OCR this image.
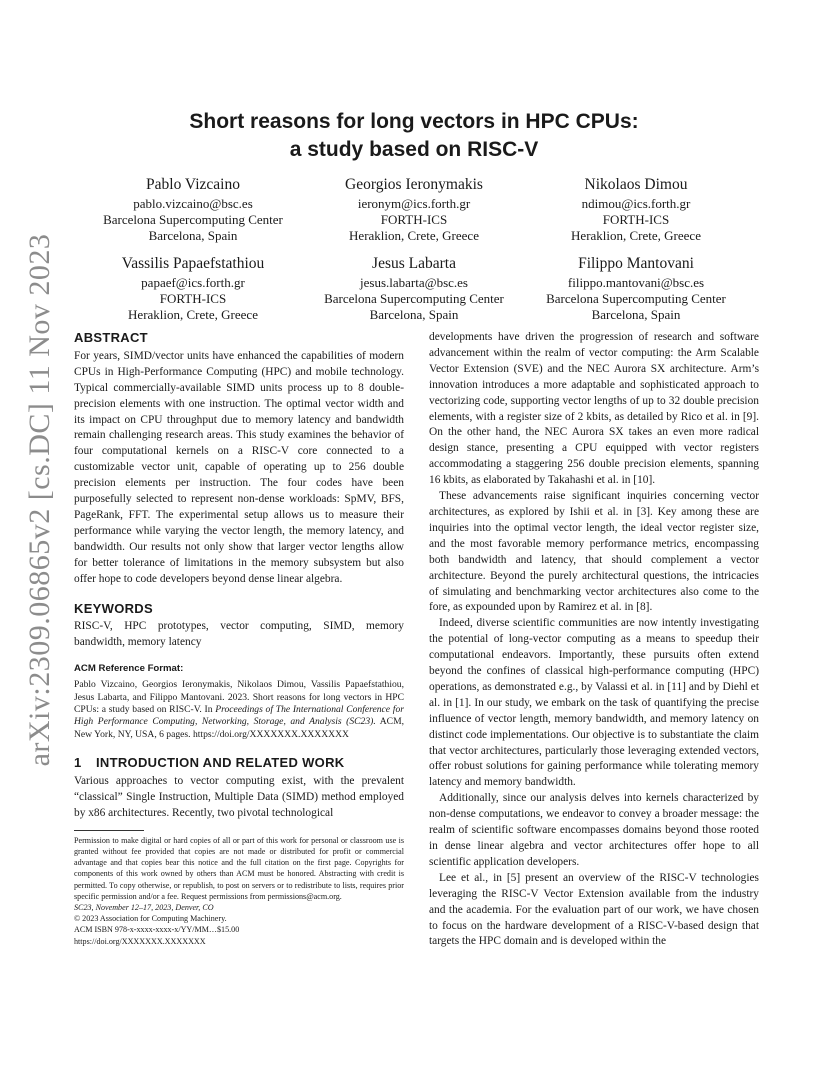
arXiv:2309.06865v2 [cs.DC] 11 Nov 2023
Short reasons for long vectors in HPC CPUs:
a study based on RISC-V
Pablo Vizcaino
pablo.vizcaino@bsc.es
Barcelona Supercomputing Center
Barcelona, Spain
Georgios Ieronymakis
ieronym@ics.forth.gr
FORTH-ICS
Heraklion, Crete, Greece
Nikolaos Dimou
ndimou@ics.forth.gr
FORTH-ICS
Heraklion, Crete, Greece
Vassilis Papaefstathiou
papaef@ics.forth.gr
FORTH-ICS
Heraklion, Crete, Greece
Jesus Labarta
jesus.labarta@bsc.es
Barcelona Supercomputing Center
Barcelona, Spain
Filippo Mantovani
filippo.mantovani@bsc.es
Barcelona Supercomputing Center
Barcelona, Spain
ABSTRACT

For years, SIMD/vector units have enhanced the capabilities of modern CPUs in High-Performance Computing (HPC) and mobile technology. Typical commercially-available SIMD units process up to 8 double-precision elements with one instruction. The optimal vector width and its impact on CPU throughput due to memory latency and bandwidth remain challenging research areas. This study examines the behavior of four computational kernels on a RISC-V core connected to a customizable vector unit, capable of operating up to 256 double precision elements per instruction. The four codes have been purposefully selected to represent non-dense workloads: SpMV, BFS, PageRank, FFT. The experimental setup allows us to measure their performance while varying the vector length, the memory latency, and bandwidth. Our results not only show that larger vector lengths allow for better tolerance of limitations in the memory subsystem but also offer hope to code developers beyond dense linear algebra.

KEYWORDS

RISC-V, HPC prototypes, vector computing, SIMD, memory bandwidth, memory latency

ACM Reference Format:

Pablo Vizcaino, Georgios Ieronymakis, Nikolaos Dimou, Vassilis Papaefstathiou, Jesus Labarta, and Filippo Mantovani. 2023. Short reasons for long vectors in HPC CPUs: a study based on RISC-V. In Proceedings of The International Conference for High Performance Computing, Networking, Storage, and Analysis (SC23). ACM, New York, NY, USA, 6 pages. https://doi.org/XXXXXXX.XXXXXXX

1 INTRODUCTION AND RELATED WORK

Various approaches to vector computing exist, with the prevalent “classical” Single Instruction, Multiple Data (SIMD) method employed by x86 architectures. Recently, two pivotal technological

Permission to make digital or hard copies of all or part of this work for personal or classroom use is granted without fee provided that copies are not made or distributed for profit or commercial advantage and that copies bear this notice and the full citation on the first page. Copyrights for components of this work owned by others than ACM must be honored. Abstracting with credit is permitted. To copy otherwise, or republish, to post on servers or to redistribute to lists, requires prior specific permission and/or a fee. Request permissions from permissions@acm.org.

SC23, November 12–17, 2023, Denver, CO

© 2023 Association for Computing Machinery.

ACM ISBN 978-x-xxxx-xxxx-x/YY/MM…$15.00

https://doi.org/XXXXXXX.XXXXXXX

developments have driven the progression of research and software advancement within the realm of vector computing: the Arm Scalable Vector Extension (SVE) and the NEC Aurora SX architecture. Arm’s innovation introduces a more adaptable and sophisticated approach to vectorizing code, supporting vector lengths of up to 32 double precision elements, with a register size of 2 kbits, as detailed by Rico et al. in [9]. On the other hand, the NEC Aurora SX takes an even more radical design stance, presenting a CPU equipped with vector registers accommodating a staggering 256 double precision elements, spanning 16 kbits, as elaborated by Takahashi et al. in [10].

These advancements raise significant inquiries concerning vector architectures, as explored by Ishii et al. in [3]. Key among these are inquiries into the optimal vector length, the ideal vector register size, and the most favorable memory performance metrics, encompassing both bandwidth and latency, that should complement a vector architecture. Beyond the purely architectural questions, the intricacies of simulating and benchmarking vector architectures also come to the fore, as expounded upon by Ramirez et al. in [8].

Indeed, diverse scientific communities are now intently investigating the potential of long-vector computing as a means to speedup their computational endeavors. Importantly, these pursuits often extend beyond the confines of classical high-performance computing (HPC) operations, as demonstrated e.g., by Valassi et al. in [11] and by Diehl et al. in [1]. In our study, we embark on the task of quantifying the precise influence of vector length, memory bandwidth, and memory latency on distinct code implementations. Our objective is to substantiate the claim that vector architectures, particularly those leveraging extended vectors, offer robust solutions for gaining performance while tolerating memory latency and memory bandwidth.

Additionally, since our analysis delves into kernels characterized by non-dense computations, we endeavor to convey a broader message: the realm of scientific software encompasses domains beyond those rooted in dense linear algebra and vector architectures offer hope to all scientific application developers.

Lee et al., in [5] present an overview of the RISC-V technologies leveraging the RISC-V Vector Extension available from the industry and the academia. For the evaluation part of our work, we have chosen to focus on the hardware development of a RISC-V-based design that targets the HPC domain and is developed within the
